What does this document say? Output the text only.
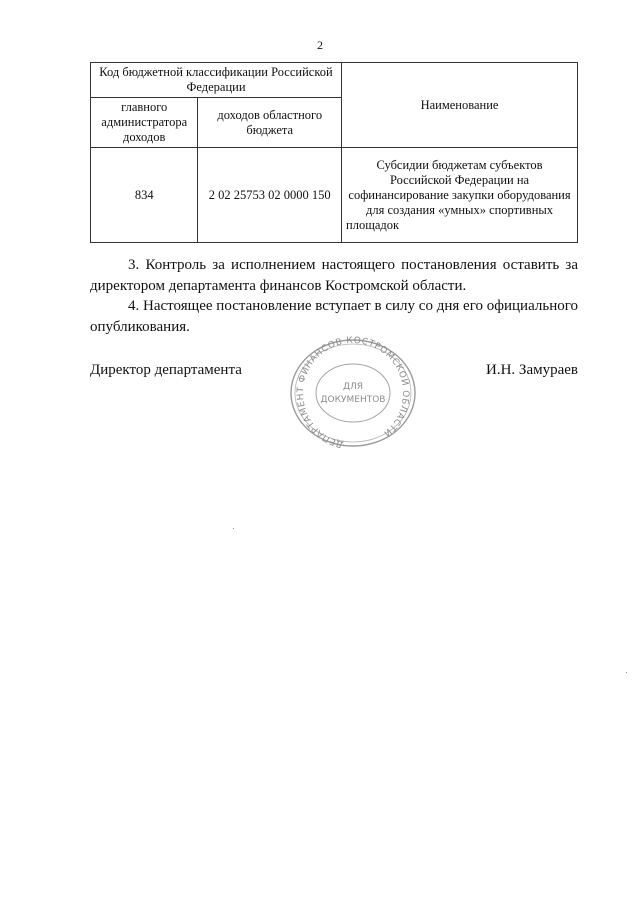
2
Код бюджетной классификации Российской Федерации		Наименование
главного администратора доходов	доходов областного бюджета	
834	2 02 25753 02 0000 150	Субсидии бюджетам субъектов Российской Федерации на софинансирование закупки оборудования для создания «умных» спортивных площадок
3. Контроль за исполнением настоящего постановления оставить за директором департамента финансов Костромской области.
4. Настоящее постановление вступает в силу со дня его официального опубликования.
Директор департамента	И.Н. Замураев
ДЕПАРТАМЕНТ ФИНАНСОВ КОСТРОМСКОЙ ОБЛАСТИ
ДЛЯ
ДОКУМЕНТОВ
